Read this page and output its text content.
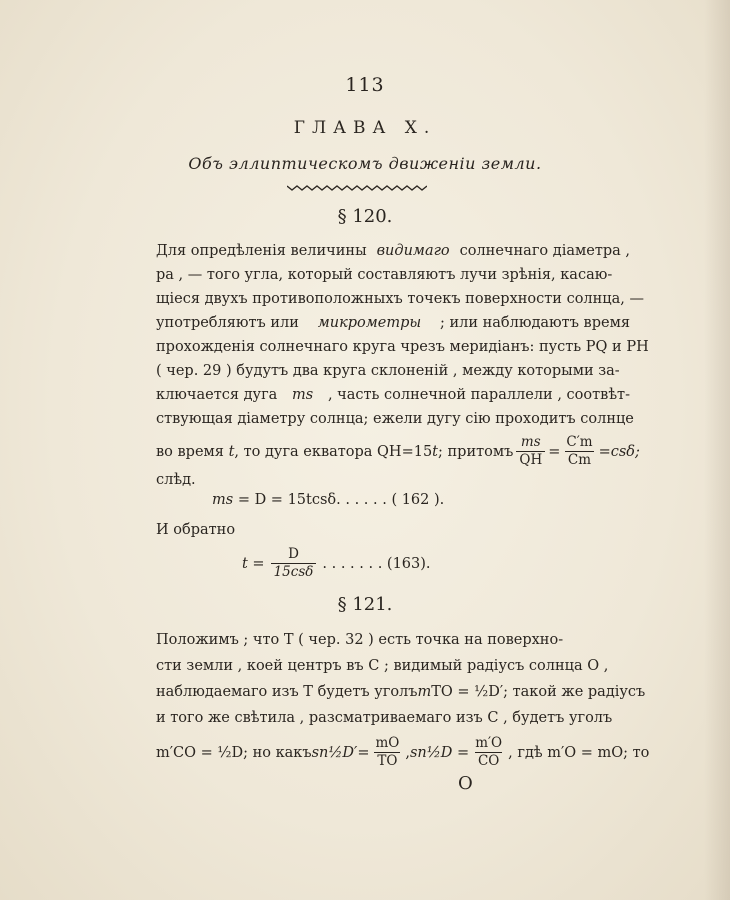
113
ГЛАВА X.
Объ эллиптическомъ движеніи земли.
§ 120.
Для опредѣленія величины видимаго солнечнаго діаметра ,
ра , — того угла, который составляютъ лучи зрѣнія, касаю-
щіеся двухъ противоположныхъ точекъ поверхности солнца, —
употребляютъ или микрометры ; или наблюдаютъ время
прохожденія солнечнаго круга чрезъ меридіанъ: пусть PQ и PH
( чер. 29 ) будутъ два круга склоненій , между которыми за-
ключается дуга ms , часть солнечной параллели , соотвѣт-
ствующая діаметру солнца; ежели дугу сію проходитъ солнце
во время t, то дуга екватора QH=15t; притомъ $\frac{ms}{QH} = \frac{C'm}{Cm} =cs\delta$;
слѣд.
ms
= D = 15tcsδ. . . . . . ( 162 ).
И обратно
$t = \frac{D}{\text{15csδ}}$ . . . . . . . (163).
§ 121.
Положимъ ; что T ( чер. 32 ) есть точка на поверхно-
сти земли , коей центръ въ C ; видимый радіусъ солнца O ,
наблюдаемаго изъ T будетъ уголъ mTO = ½D′; такой же радіусъ
и того же свѣтила , разсматриваемаго изъ C , будетъ уголъ
m′CO = ½D; но какъ sn½D′= $\frac{mO}{TO}$ , sn½D = $\frac{m'O}{CO}$ , гдѣ m′O = mO; то
O
